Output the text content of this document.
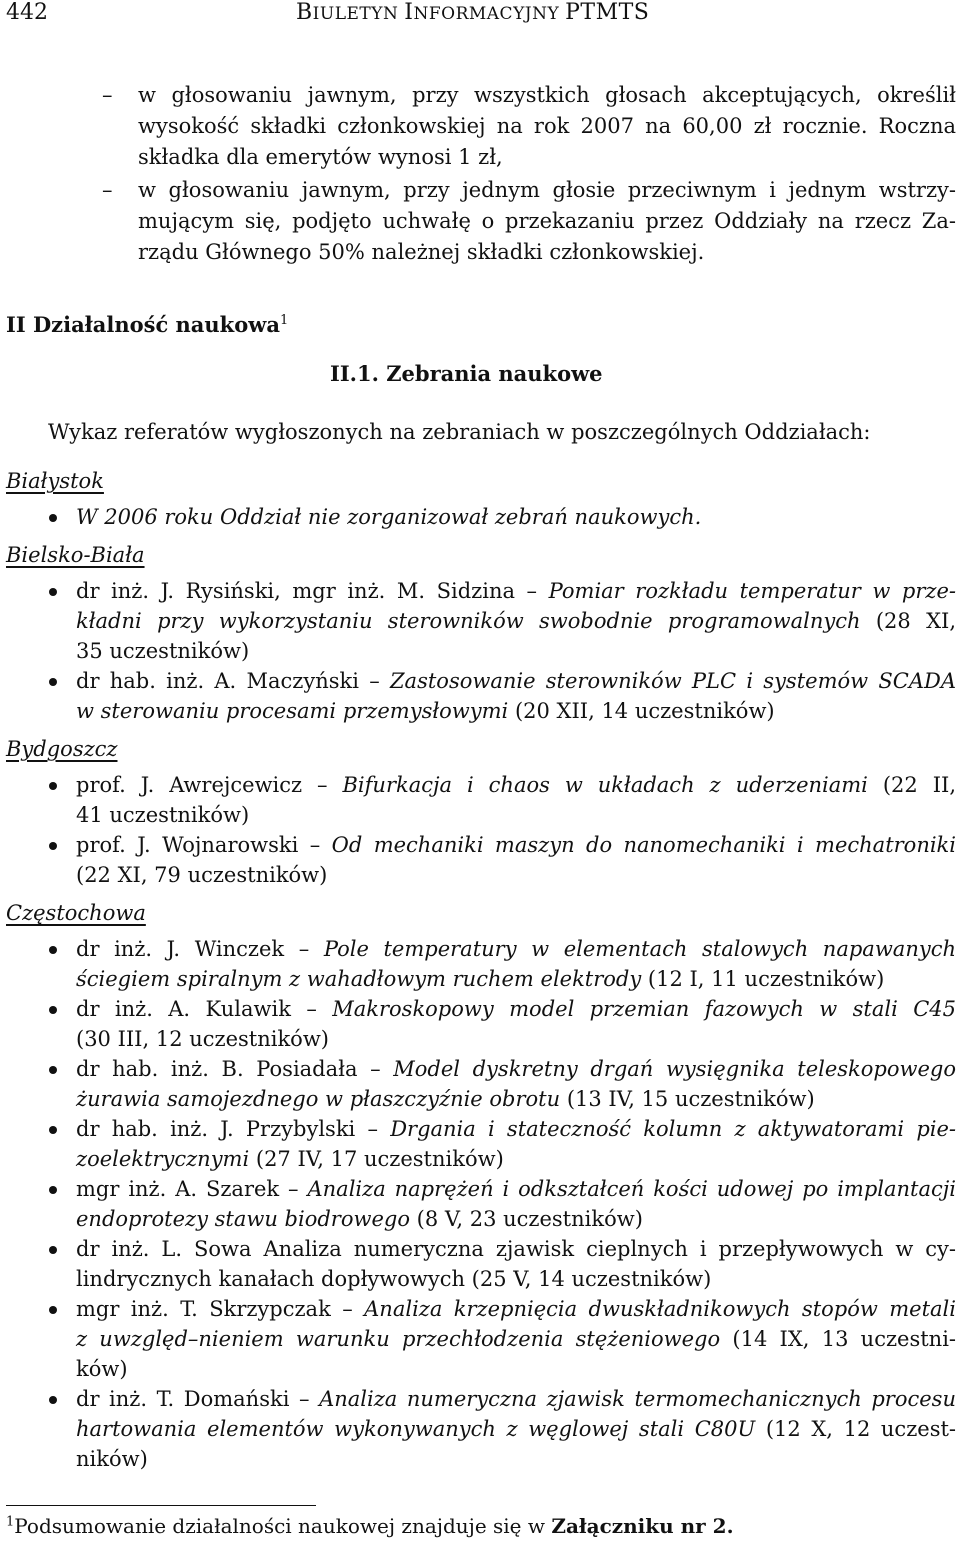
442	BIULETYN INFORMACYJNY PTMTS
– w głosowaniu jawnym, przy wszystkich głosach akceptujących, określił
wysokość składki członkowskiej na rok 2007 na 60,00 zł rocznie. Roczna
składka dla emerytów wynosi 1 zł,
– w głosowaniu jawnym, przy jednym głosie przeciwnym i jednym wstrzy-
mującym się, podjęto uchwałę o przekazaniu przez Oddziały na rzecz Za-
rządu Głównego 50% należnej składki członkowskiej.
II Działalność naukowa$^1$
II.1. Zebrania naukowe
Wykaz referatów wygłoszonych na zebraniach w poszczególnych Oddziałach:
Białystok
W 2006 roku Oddział nie zorganizował zebrań naukowych.
Bielsko-Biała
dr inż. J. Rysiński, mgr inż. M. Sidzina – Pomiar rozkładu temperatur w prze-
kładni przy wykorzystaniu sterowników swobodnie programowalnych (28 XI,
35 uczestników)
dr hab. inż. A. Maczyński – Zastosowanie sterowników PLC i systemów SCADA
w sterowaniu procesami przemysłowymi (20 XII, 14 uczestników)
Bydgoszcz
prof. J. Awrejcewicz – Bifurkacja i chaos w układach z uderzeniami (22 II,
41 uczestników)
prof. J. Wojnarowski – Od mechaniki maszyn do nanomechaniki i mechatroniki
(22 XI, 79 uczestników)
Częstochowa
dr inż. J. Winczek – Pole temperatury w elementach stalowych napawanych
ściegiem spiralnym z wahadłowym ruchem elektrody (12 I, 11 uczestników)
dr inż. A. Kulawik – Makroskopowy model przemian fazowych w stali C45
(30 III, 12 uczestników)
dr hab. inż. B. Posiadała – Model dyskretny drgań wysięgnika teleskopowego
żurawia samojezdnego w płaszczyźnie obrotu (13 IV, 15 uczestników)
dr hab. inż. J. Przybylski – Drgania i stateczność kolumn z aktywatorami pie-
zoelektrycznymi (27 IV, 17 uczestników)
mgr inż. A. Szarek – Analiza naprężeń i odkształceń kości udowej po implantacji
endoprotezy stawu biodrowego (8 V, 23 uczestników)
dr inż. L. Sowa Analiza numeryczna zjawisk cieplnych i przepływowych w cy-
lindrycznych kanałach dopływowych (25 V, 14 uczestników)
mgr inż. T. Skrzypczak – Analiza krzepnięcia dwuskładnikowych stopów metali
z uwzględ–nieniem warunku przechłodzenia stężeniowego (14 IX, 13 uczestni-
ków)
dr inż. T. Domański – Analiza numeryczna zjawisk termomechanicznych procesu
hartowania elementów wykonywanych z węglowej stali C80U (12 X, 12 uczest-
ników)
$^1$Podsumowanie działalności naukowej znajduje się w Załączniku nr 2.
